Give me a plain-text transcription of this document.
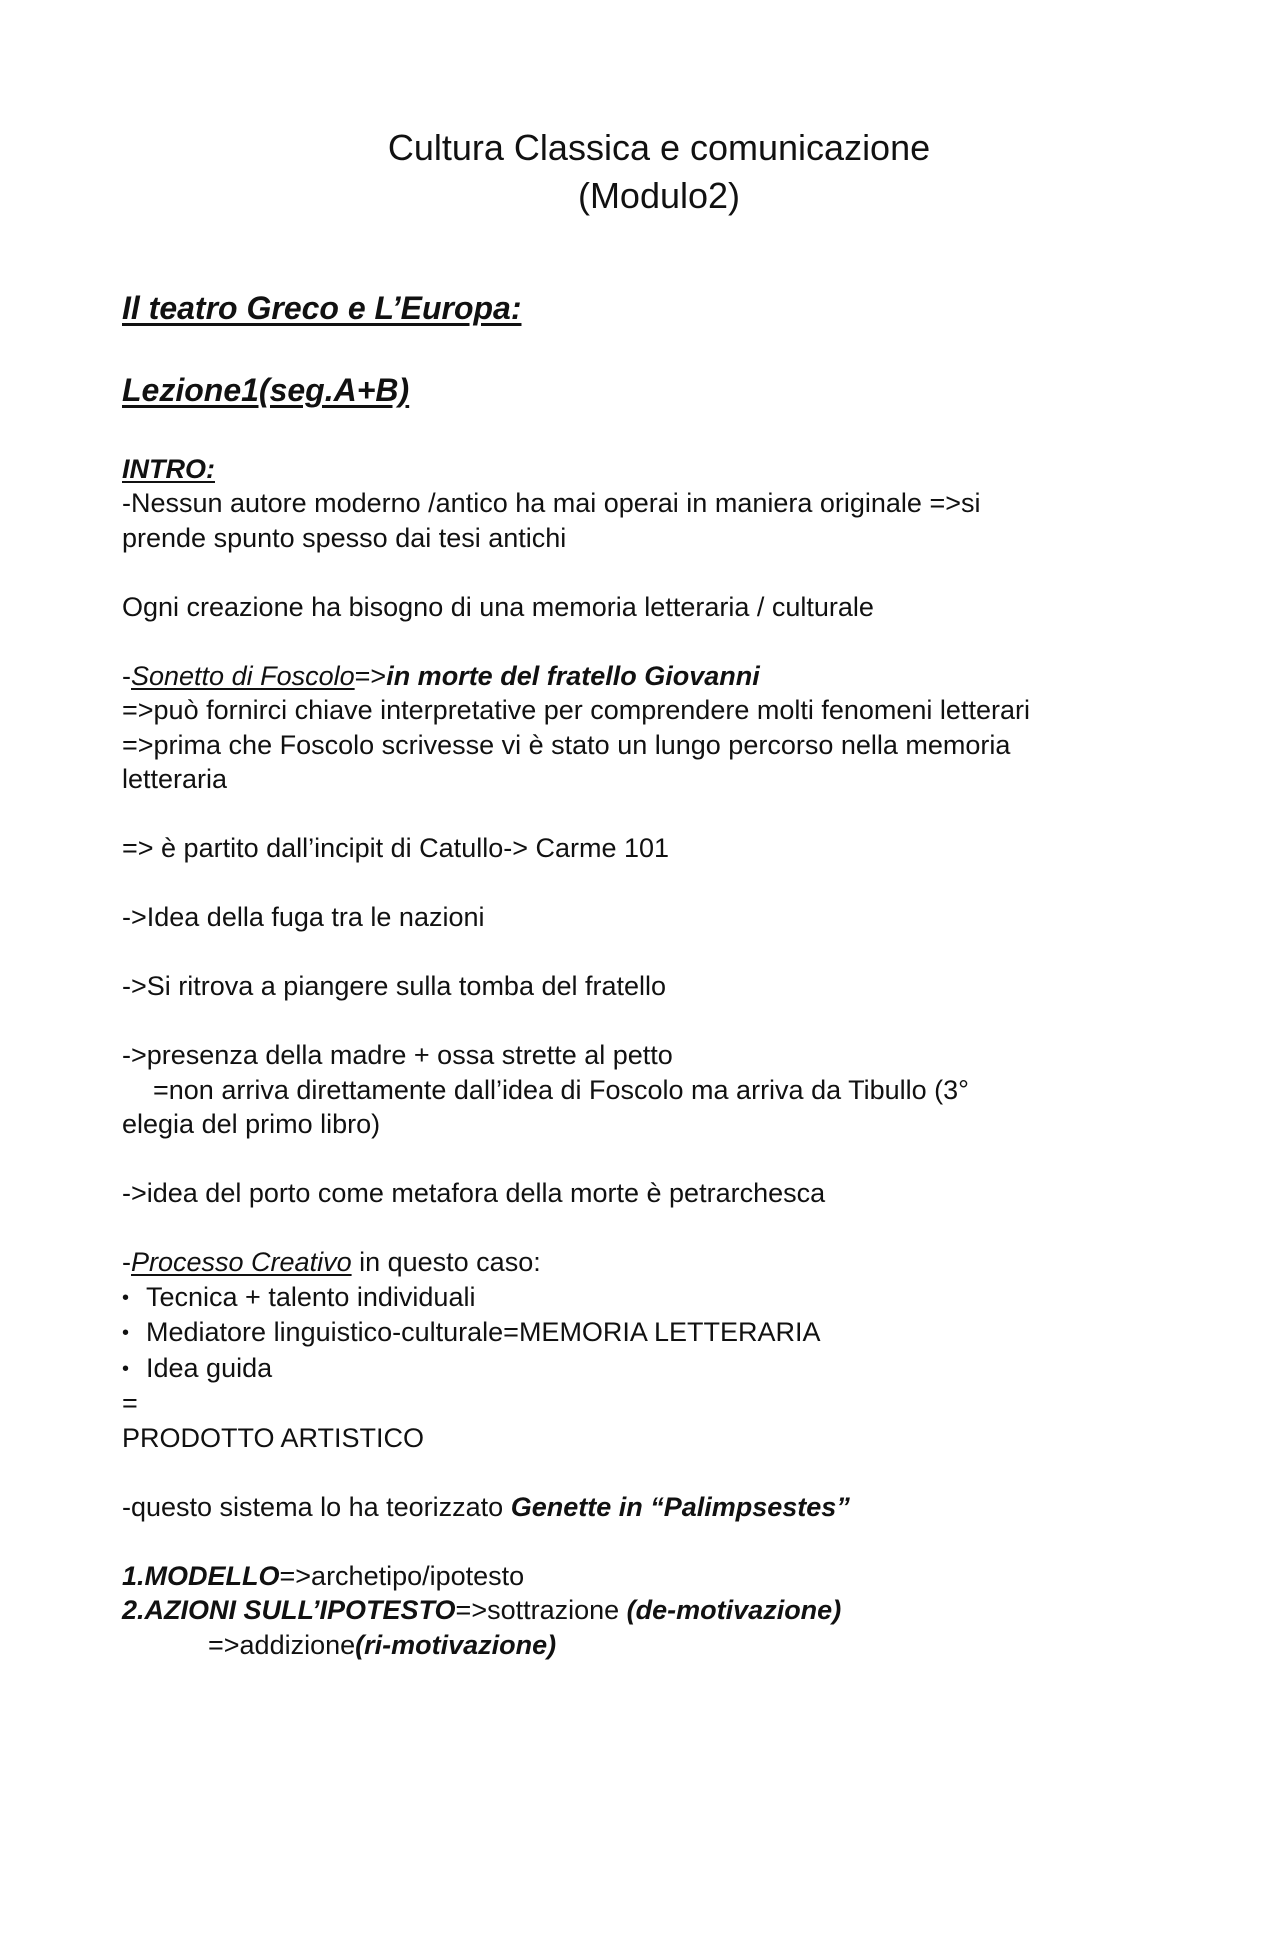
Cultura Classica e comunicazione
(Modulo2)
Il teatro Greco e L’Europa:
Lezione1(seg.A+B)
INTRO:

-Nessun autore moderno /antico ha mai operai in maniera originale =>si

prende spunto spesso dai tesi antichi

Ogni creazione ha bisogno di una memoria letteraria / culturale

-Sonetto di Foscolo=>in morte del fratello Giovanni

=>può fornirci chiave interpretative per comprendere molti fenomeni letterari

=>prima che Foscolo scrivesse vi è stato un lungo percorso nella memoria

letteraria

=> è partito dall’incipit di Catullo-> Carme 101

->Idea della fuga tra le nazioni

->Si ritrova a piangere sulla tomba del fratello

->presenza della madre + ossa strette al petto

=non arriva direttamente dall’idea di Foscolo ma arriva da Tibullo (3°

elegia del primo libro)

->idea del porto come metafora della morte è petrarchesca

-Processo Creativo in questo caso:

• Tecnica + talento individuali
• Mediatore linguistico-culturale=MEMORIA LETTERARIA
• Idea guida

=

PRODOTTO ARTISTICO

-questo sistema lo ha teorizzato Genette in “Palimpsestes”

1.MODELLO=>archetipo/ipotesto

2.AZIONI SULL’IPOTESTO=>sottrazione (de-motivazione)

=>addizione(ri-motivazione)
